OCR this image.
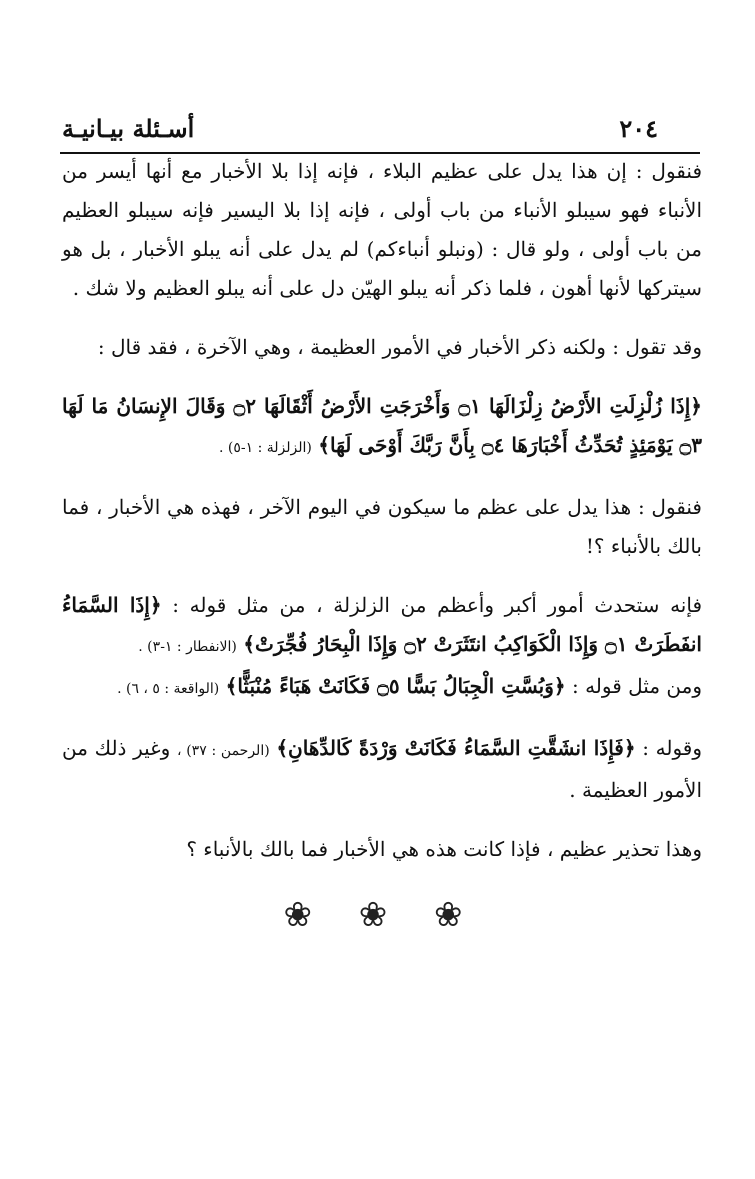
٢٠٤
أسـئلة بيـانيـة

فنقول : إن هذا يدل على عظيم البلاء ، فإنه إذا بلا الأخبار مع أنها أيسر من الأنباء فهو سيبلو الأنباء من باب أولى ، فإنه إذا بلا اليسير فإنه سيبلو العظيم من باب أولى ، ولو قال : (ونبلو أنباءكم) لم يدل على أنه يبلو الأخبار ، بل هو سيتركها لأنها أهون ، فلما ذكر أنه يبلو الهيّن دل على أنه يبلو العظيم ولا شك .

وقد تقول : ولكنه ذكر الأخبار في الأمور العظيمة ، وهي الآخرة ، فقد قال :

﴿إِذَا زُلْزِلَتِ الأَرْضُ زِلْزَالَهَا ۝١ وَأَخْرَجَتِ الأَرْضُ أَثْقَالَهَا ۝٢ وَقَالَ الإِنسَانُ مَا لَهَا ۝٣ يَوْمَئِذٍ تُحَدِّثُ أَخْبَارَهَا ۝٤ بِأَنَّ رَبَّكَ أَوْحَى لَهَا﴾ (الزلزلة : ١-٥) .

فنقول : هذا يدل على عظم ما سيكون في اليوم الآخر ، فهذه هي الأخبار ، فما بالك بالأنباء ؟!

فإنه ستحدث أمور أكبر وأعظم من الزلزلة ، من مثل قوله : ﴿إِذَا السَّمَاءُ انفَطَرَتْ ۝١ وَإِذَا الْكَوَاكِبُ انتَثَرَتْ ۝٢ وَإِذَا الْبِحَارُ فُجِّرَتْ﴾ (الانفطار : ١-٣) .

ومن مثل قوله : ﴿وَبُسَّتِ الْجِبَالُ بَسًّا ۝٥ فَكَانَتْ هَبَاءً مُنْبَثًّا﴾ (الواقعة : ٥ ، ٦) .

وقوله : ﴿فَإِذَا انشَقَّتِ السَّمَاءُ فَكَانَتْ وَرْدَةً كَالدِّهَانِ﴾ (الرحمن : ٣٧) ، وغير ذلك من الأمور العظيمة .

وهذا تحذير عظيم ، فإذا كانت هذه هي الأخبار فما بالك بالأنباء ؟

❀ ❀ ❀
